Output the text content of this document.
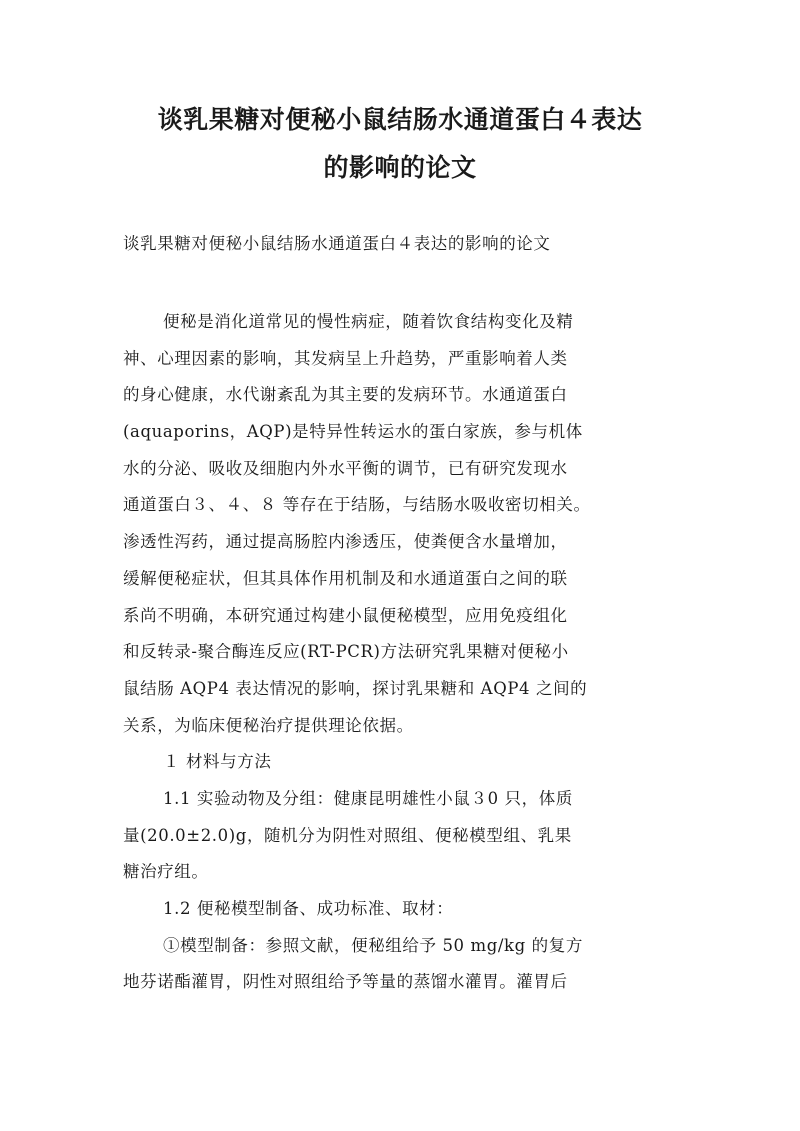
谈乳果糖对便秘小鼠结肠水通道蛋白４表达
的影响的论文

谈乳果糖对便秘小鼠结肠水通道蛋白４表达的影响的论文

便秘是消化道常见的慢性病症，随着饮食结构变化及精
神、心理因素的影响，其发病呈上升趋势，严重影响着人类
的身心健康，水代谢紊乱为其主要的发病环节。水通道蛋白
(aquaporins，AQP)是特异性转运水的蛋白家族，参与机体
水的分泌、吸收及细胞内外水平衡的调节，已有研究发现水
通道蛋白３、４、８ 等存在于结肠，与结肠水吸收密切相关。
渗透性泻药，通过提高肠腔内渗透压，使粪便含水量增加，
缓解便秘症状，但其具体作用机制及和水通道蛋白之间的联
系尚不明确，本研究通过构建小鼠便秘模型，应用免疫组化
和反转录-聚合酶连反应(RT-PCR)方法研究乳果糖对便秘小
鼠结肠 AQP4 表达情况的影响，探讨乳果糖和 AQP4 之间的
关系，为临床便秘治疗提供理论依据。
１ 材料与方法
1.1 实验动物及分组：健康昆明雄性小鼠３0 只，体质
量(20.0±2.0)g，随机分为阴性对照组、便秘模型组、乳果
糖治疗组。
1.2 便秘模型制备、成功标准、取材：
①模型制备：参照文献，便秘组给予 50 mg/kg 的复方
地芬诺酯灌胃，阴性对照组给予等量的蒸馏水灌胃。灌胃后
